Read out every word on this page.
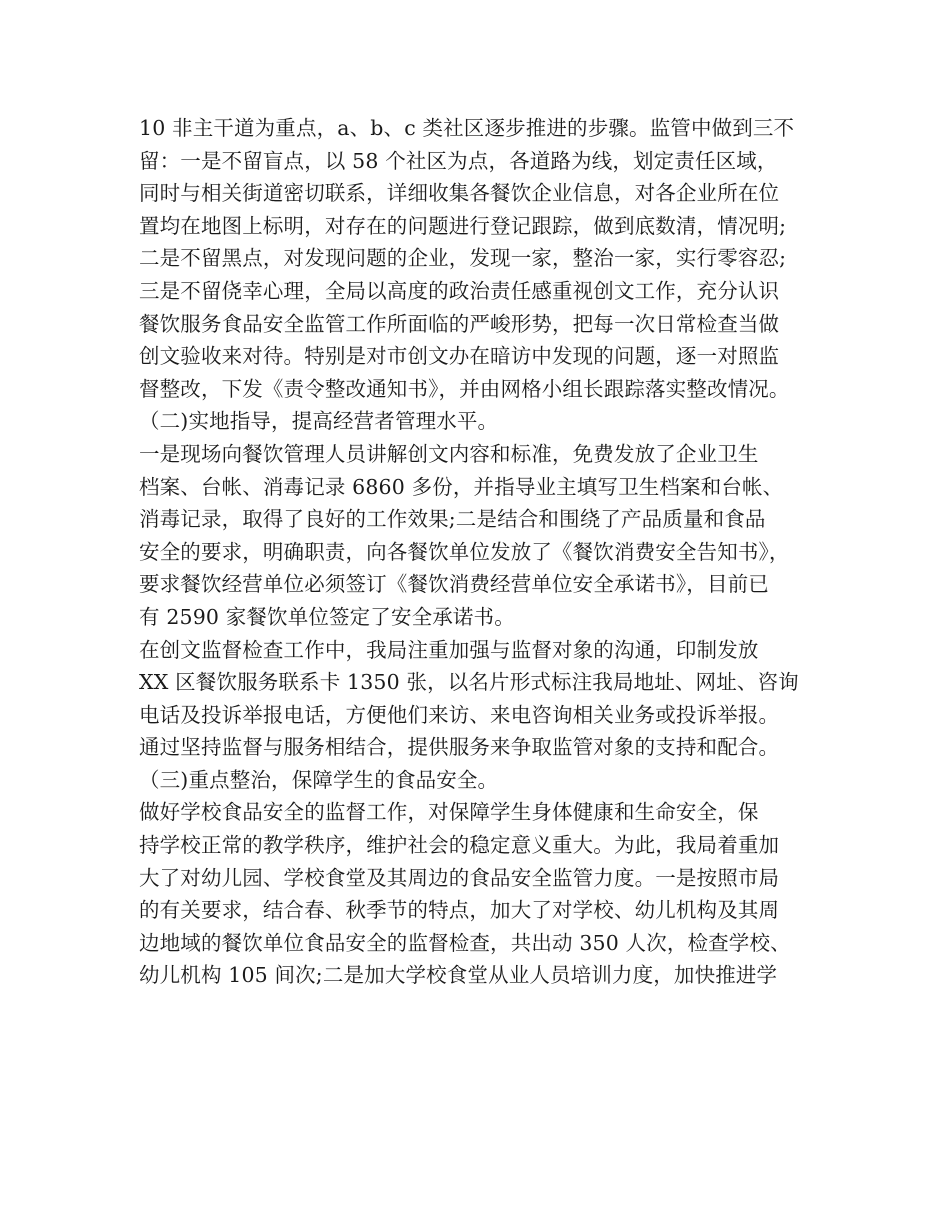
10 非主干道为重点，a、b、c 类社区逐步推进的步骤。监管中做到三不
留：一是不留盲点，以 58 个社区为点，各道路为线，划定责任区域，
同时与相关街道密切联系，详细收集各餐饮企业信息，对各企业所在位
置均在地图上标明，对存在的问题进行登记跟踪，做到底数清，情况明;
二是不留黑点，对发现问题的企业，发现一家，整治一家，实行零容忍;
三是不留侥幸心理，全局以高度的政治责任感重视创文工作，充分认识
餐饮服务食品安全监管工作所面临的严峻形势，把每一次日常检查当做
创文验收来对待。特别是对市创文办在暗访中发现的问题，逐一对照监
督整改，下发《责令整改通知书》，并由网格小组长跟踪落实整改情况。
（二)实地指导，提高经营者管理水平。
一是现场向餐饮管理人员讲解创文内容和标准，免费发放了企业卫生
档案、台帐、消毒记录 6860 多份，并指导业主填写卫生档案和台帐、
消毒记录，取得了良好的工作效果;二是结合和围绕了产品质量和食品
安全的要求，明确职责，向各餐饮单位发放了《餐饮消费安全告知书》，
要求餐饮经营单位必须签订《餐饮消费经营单位安全承诺书》，目前已
有 2590 家餐饮单位签定了安全承诺书。
在创文监督检查工作中，我局注重加强与监督对象的沟通，印制发放
XX 区餐饮服务联系卡 1350 张，以名片形式标注我局地址、网址、咨询
电话及投诉举报电话，方便他们来访、来电咨询相关业务或投诉举报。
通过坚持监督与服务相结合，提供服务来争取监管对象的支持和配合。
（三)重点整治，保障学生的食品安全。
做好学校食品安全的监督工作，对保障学生身体健康和生命安全，保
持学校正常的教学秩序，维护社会的稳定意义重大。为此，我局着重加
大了对幼儿园、学校食堂及其周边的食品安全监管力度。一是按照市局
的有关要求，结合春、秋季节的特点，加大了对学校、幼儿机构及其周
边地域的餐饮单位食品安全的监督检查，共出动 350 人次，检查学校、
幼儿机构 105 间次;二是加大学校食堂从业人员培训力度，加快推进学
